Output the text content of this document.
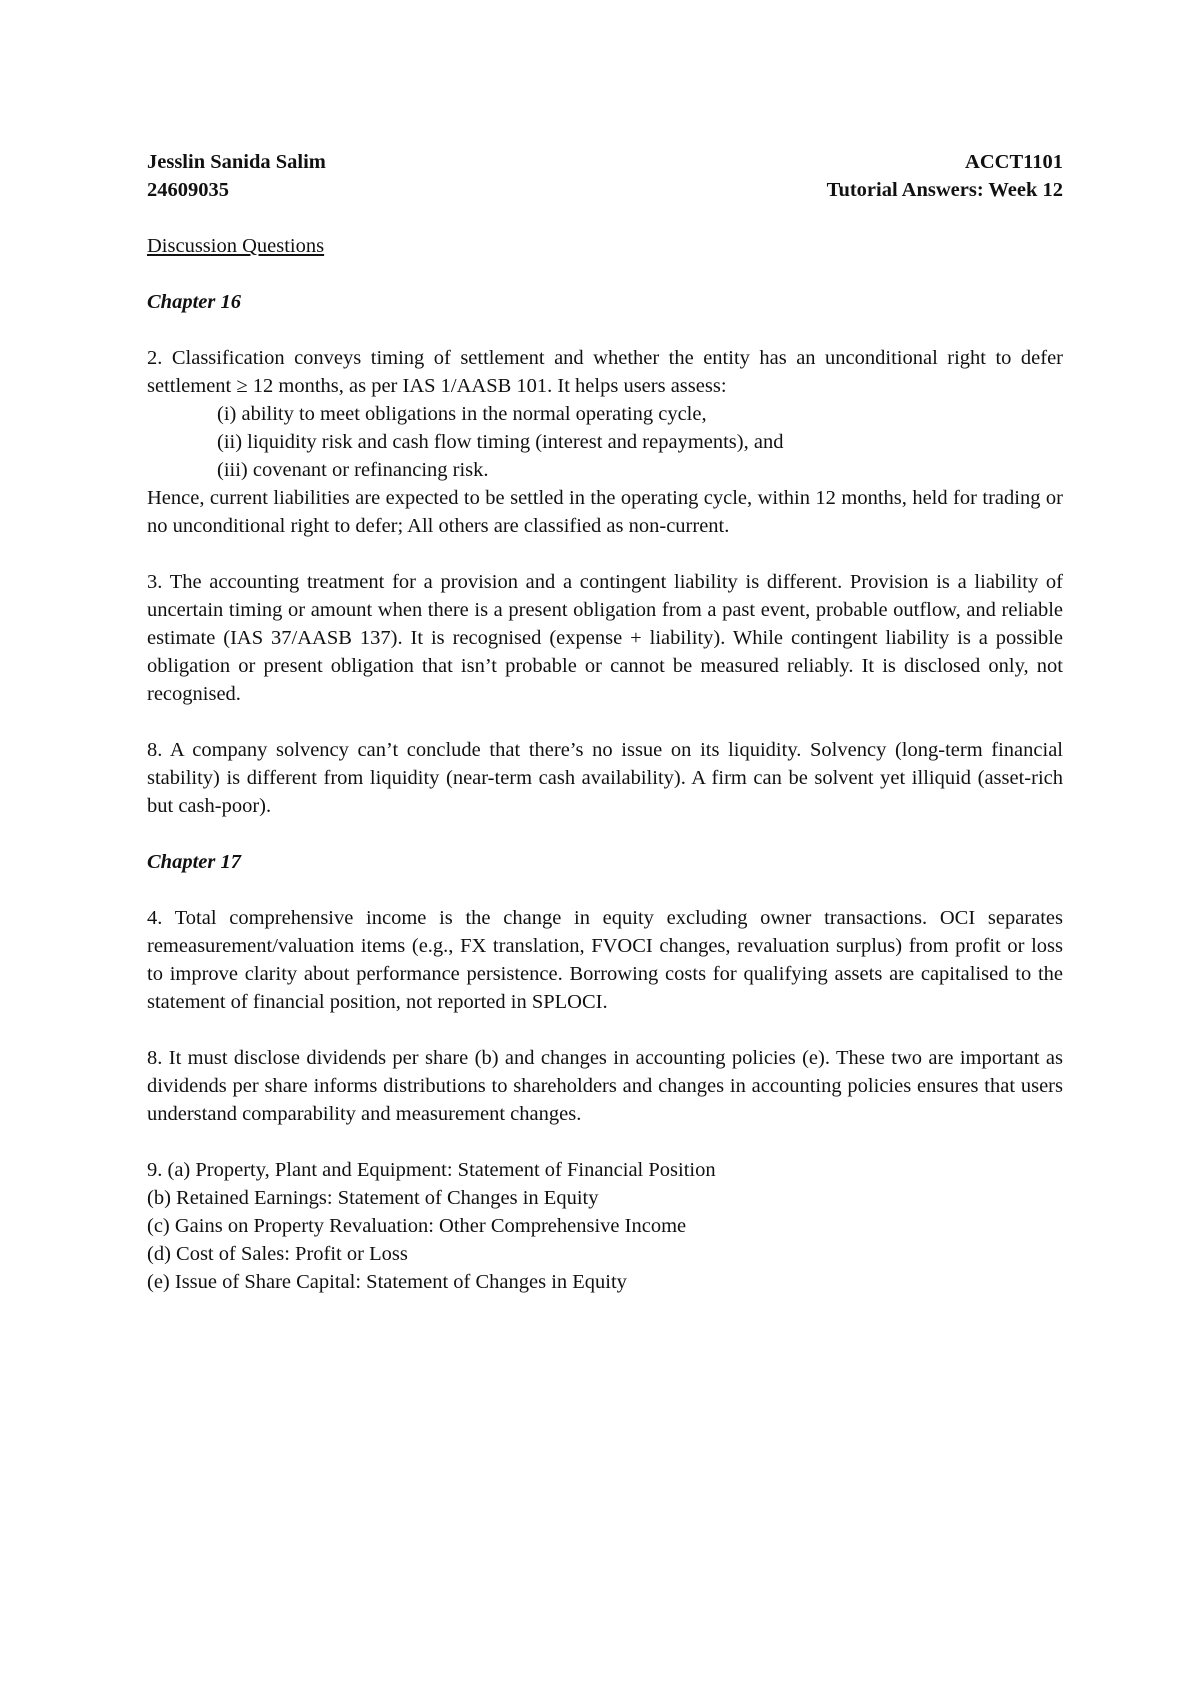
Jesslin Sanida Salim	ACCT1101
24609035	Tutorial Answers: Week 12
Discussion Questions
Chapter 16
2. Classification conveys timing of settlement and whether the entity has an unconditional right to defer settlement ≥ 12 months, as per IAS 1/AASB 101. It helps users assess:
(i) ability to meet obligations in the normal operating cycle,
(ii) liquidity risk and cash flow timing (interest and repayments), and
(iii) covenant or refinancing risk.
Hence, current liabilities are expected to be settled in the operating cycle, within 12 months, held for trading or no unconditional right to defer; All others are classified as non-current.
3. The accounting treatment for a provision and a contingent liability is different. Provision is a liability of uncertain timing or amount when there is a present obligation from a past event, probable outflow, and reliable estimate (IAS 37/AASB 137). It is recognised (expense + liability). While contingent liability is a possible obligation or present obligation that isn’t probable or cannot be measured reliably. It is disclosed only, not recognised.
8. A company solvency can’t conclude that there’s no issue on its liquidity. Solvency (long-term financial stability) is different from liquidity (near-term cash availability). A firm can be solvent yet illiquid (asset-rich but cash-poor).
Chapter 17
4. Total comprehensive income is the change in equity excluding owner transactions. OCI separates remeasurement/valuation items (e.g., FX translation, FVOCI changes, revaluation surplus) from profit or loss to improve clarity about performance persistence. Borrowing costs for qualifying assets are capitalised to the statement of financial position, not reported in SPLOCI.
8. It must disclose dividends per share (b) and changes in accounting policies (e). These two are important as dividends per share informs distributions to shareholders and changes in accounting policies ensures that users understand comparability and measurement changes.
9. (a) Property, Plant and Equipment: Statement of Financial Position
(b) Retained Earnings: Statement of Changes in Equity
(c) Gains on Property Revaluation: Other Comprehensive Income
(d) Cost of Sales: Profit or Loss
(e) Issue of Share Capital: Statement of Changes in Equity
